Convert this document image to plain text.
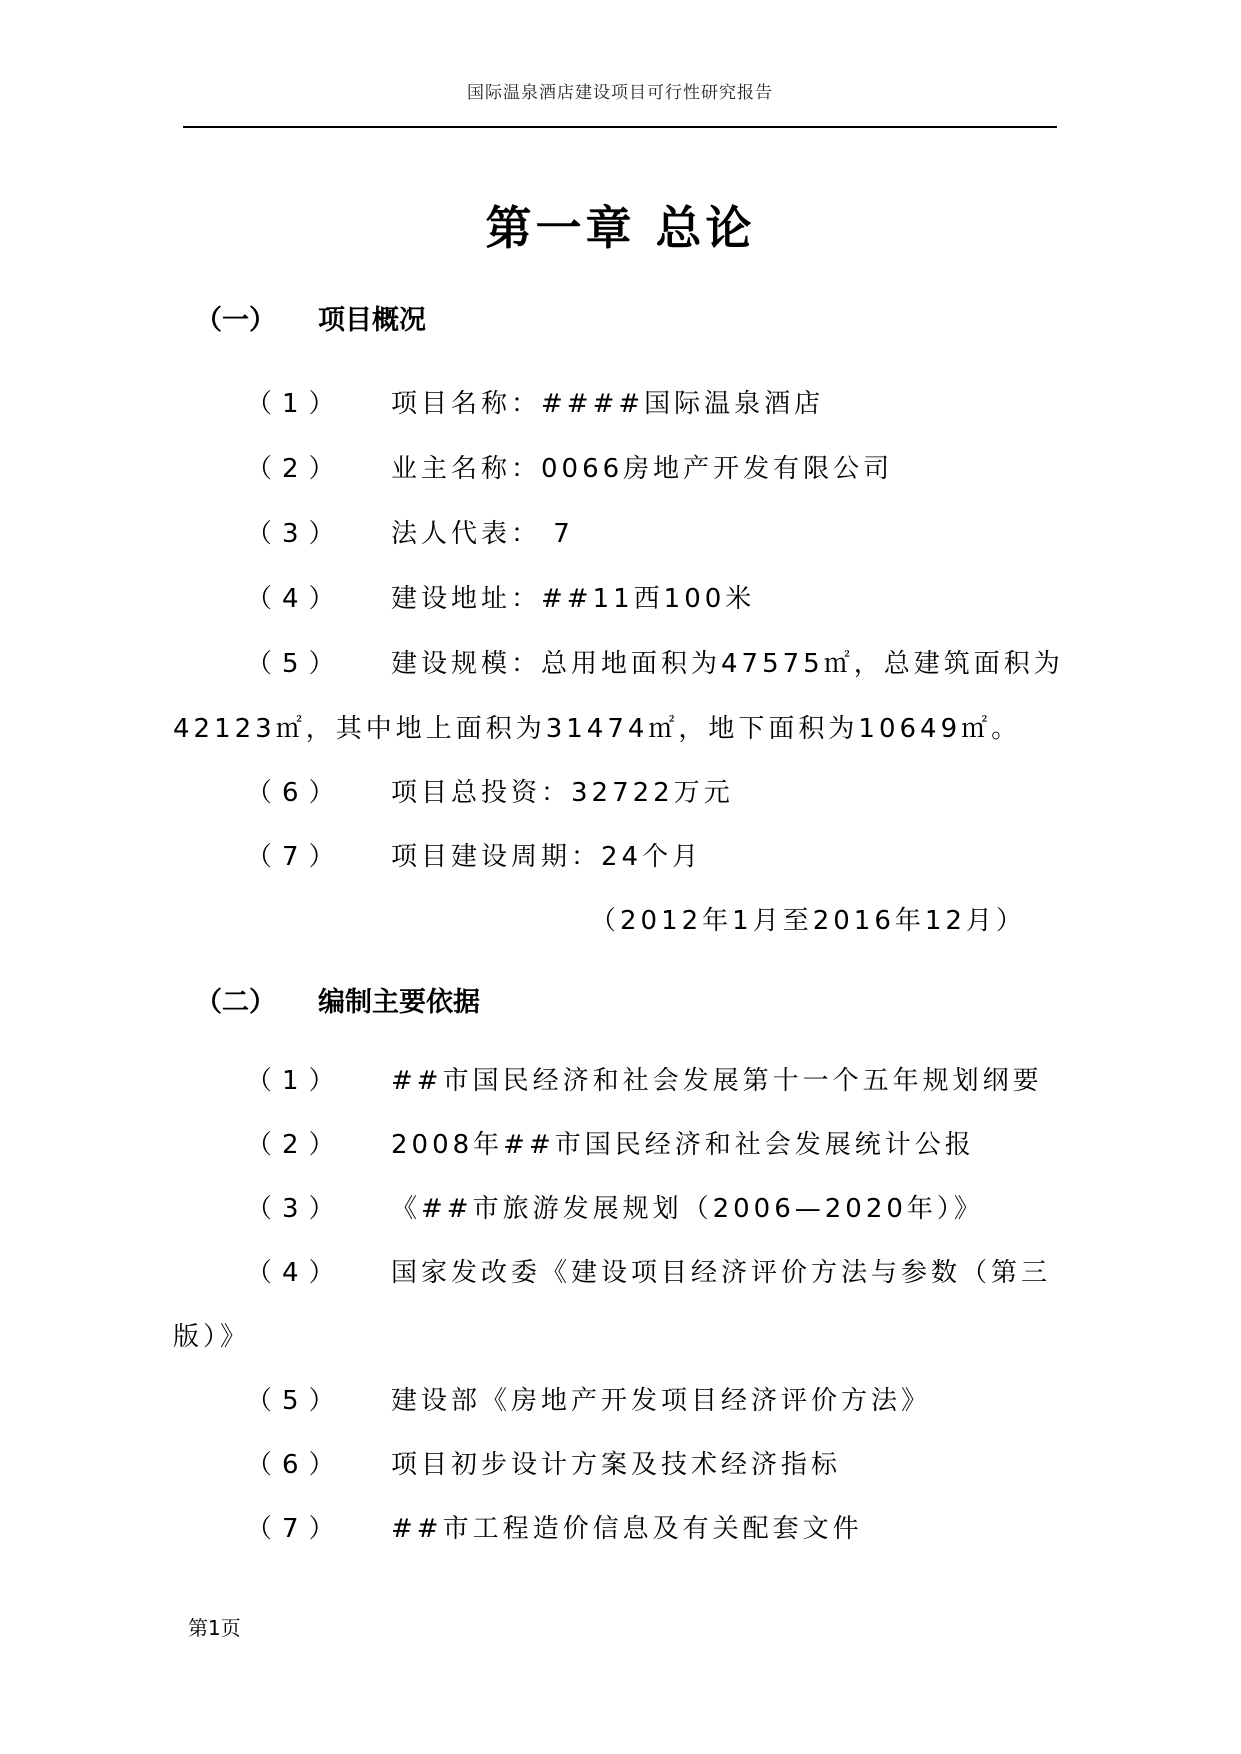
国际温泉酒店建设项目可行性研究报告
第一章 总论
（一） 项目概况
（1） 项目名称：####国际温泉酒店
（2） 业主名称：0066房地产开发有限公司
（3） 法人代表： 7
（4） 建设地址：##11西100米
（5） 建设规模：总用地面积为47575㎡，总建筑面积为
42123㎡，其中地上面积为31474㎡，地下面积为10649㎡。
（6） 项目总投资：32722万元
（7） 项目建设周期：24个月
（2012年1月至2016年12月）
（二） 编制主要依据
（1） ##市国民经济和社会发展第十一个五年规划纲要
（2） 2008年##市国民经济和社会发展统计公报
（3） 《##市旅游发展规划（2006—2020年）》
（4） 国家发改委《建设项目经济评价方法与参数（第三
版）》
（5） 建设部《房地产开发项目经济评价方法》
（6） 项目初步设计方案及技术经济指标
（7） ##市工程造价信息及有关配套文件
第1页
